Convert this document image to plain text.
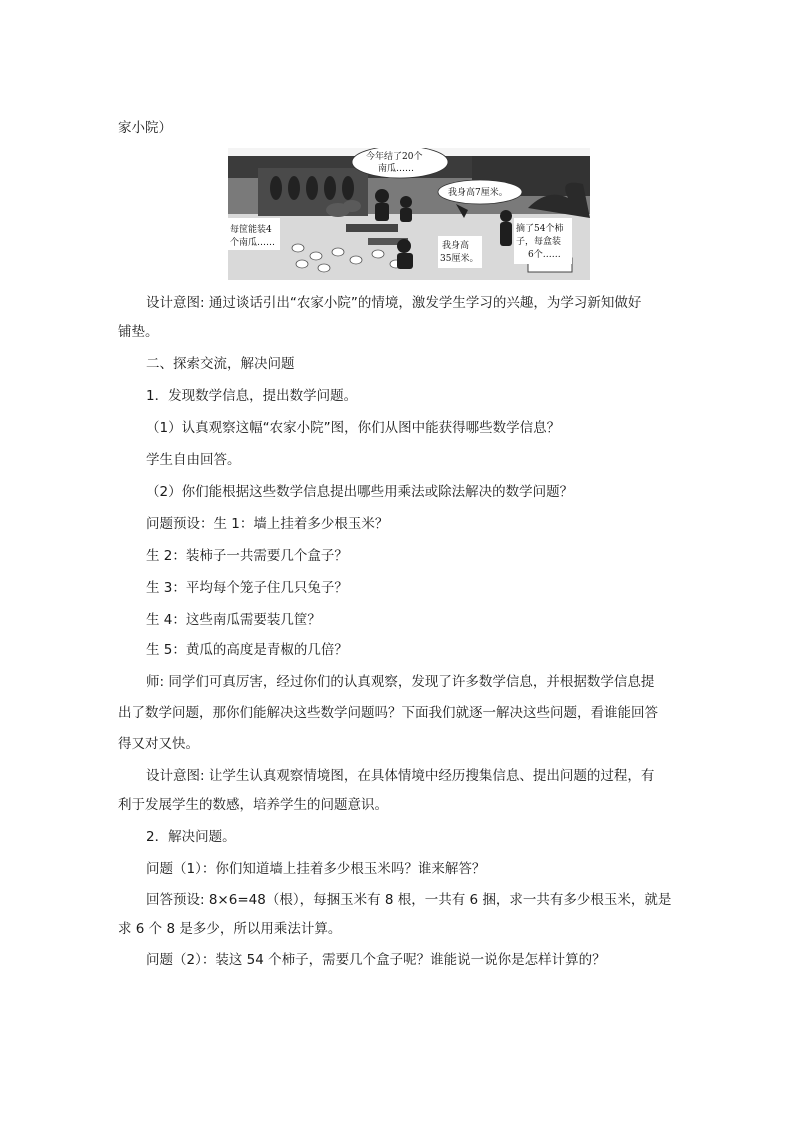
家小院）

今年结了20个
南瓜……
我身高7厘米。
每筐能装4
个南瓜……
摘了54个柿
子，每盒装
6个……
我身高
35厘米。

设计意图: 通过谈话引出“农家小院”的情境，激发学生学习的兴趣，为学习新知做好

铺垫。

二、探索交流，解决问题

1．发现数学信息，提出数学问题。

（1）认真观察这幅“农家小院”图，你们从图中能获得哪些数学信息？

学生自由回答。

（2）你们能根据这些数学信息提出哪些用乘法或除法解决的数学问题？

问题预设：生 1：墙上挂着多少根玉米？

生 2：装柿子一共需要几个盒子？

生 3：平均每个笼子住几只兔子？

生 4：这些南瓜需要装几筐？

生 5：黄瓜的高度是青椒的几倍？

师: 同学们可真厉害，经过你们的认真观察，发现了许多数学信息，并根据数学信息提

出了数学问题，那你们能解决这些数学问题吗？下面我们就逐一解决这些问题，看谁能回答

得又对又快。

设计意图: 让学生认真观察情境图，在具体情境中经历搜集信息、提出问题的过程，有

利于发展学生的数感，培养学生的问题意识。

2．解决问题。

问题（1）：你们知道墙上挂着多少根玉米吗？谁来解答？

回答预设: 8×6=48（根），每捆玉米有 8 根，一共有 6 捆，求一共有多少根玉米，就是

求 6 个 8 是多少，所以用乘法计算。

问题（2）：装这 54 个柿子，需要几个盒子呢？谁能说一说你是怎样计算的？
